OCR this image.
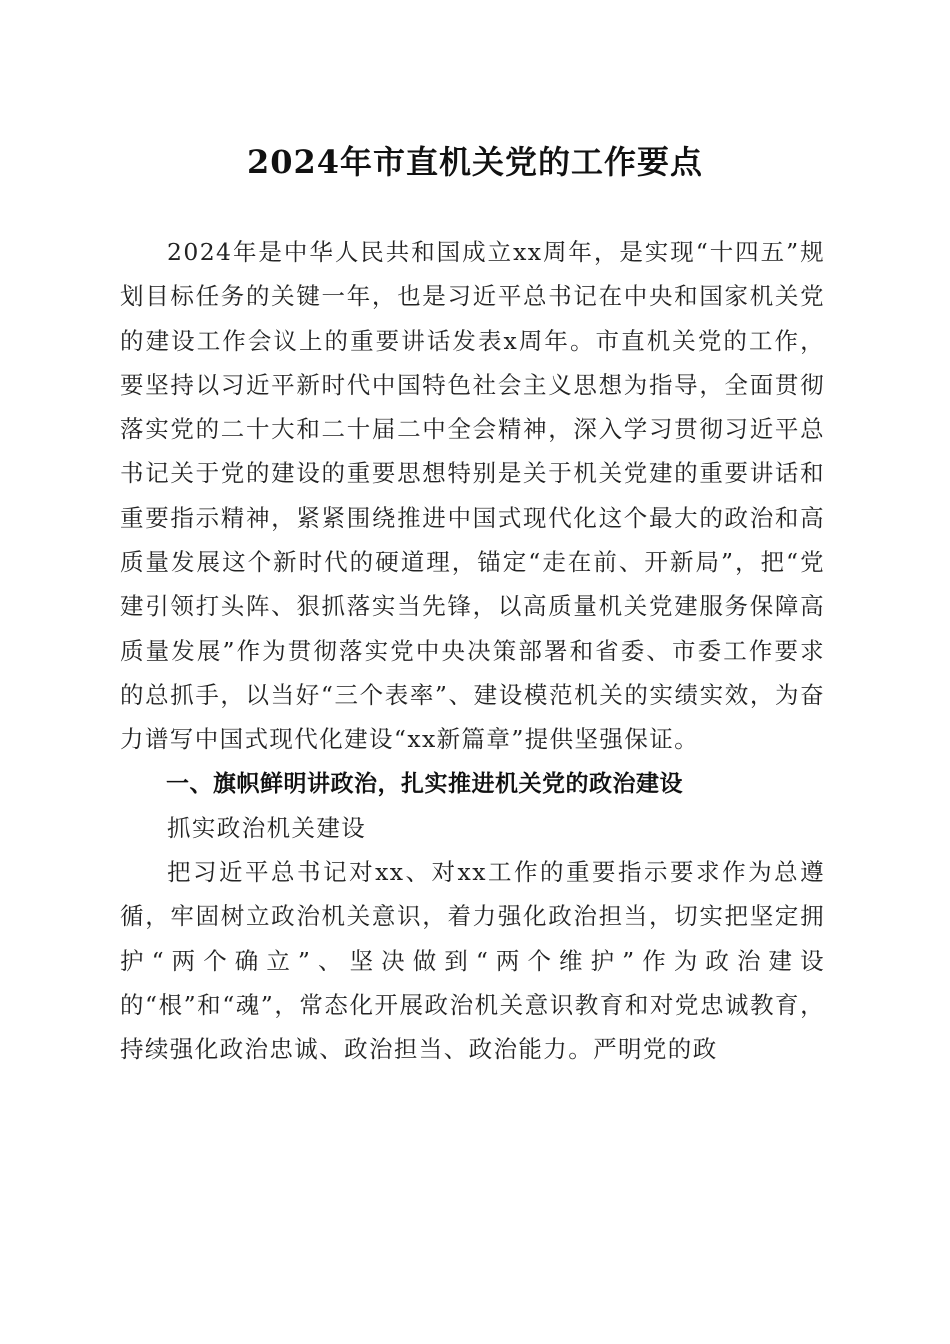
2024年市直机关党的工作要点

2024年是中华人民共和国成立xx周年，是实现“十四五”规划目标任务的关键一年，也是习近平总书记在中央和国家机关党的建设工作会议上的重要讲话发表x周年。市直机关党的工作，要坚持以习近平新时代中国特色社会主义思想为指导，全面贯彻落实党的二十大和二十届二中全会精神，深入学习贯彻习近平总书记关于党的建设的重要思想特别是关于机关党建的重要讲话和重要指示精神，紧紧围绕推进中国式现代化这个最大的政治和高质量发展这个新时代的硬道理，锚定“走在前、开新局”，把“党建引领打头阵、狠抓落实当先锋，以高质量机关党建服务保障高质量发展”作为贯彻落实党中央决策部署和省委、市委工作要求的总抓手，以当好“三个表率”、建设模范机关的实绩实效，为奋力谱写中国式现代化建设“xx新篇章”提供坚强保证。

一、旗帜鲜明讲政治，扎实推进机关党的政治建设

抓实政治机关建设

把习近平总书记对xx、对xx工作的重要指示要求作为总遵循，牢固树立政治机关意识，着力强化政治担当，切实把坚定拥护“两个确立”、坚决做到“两个维护”作为政治建设的“根”和“魂”，常态化开展政治机关意识教育和对党忠诚教育，持续强化政治忠诚、政治担当、政治能力。严明党的政
